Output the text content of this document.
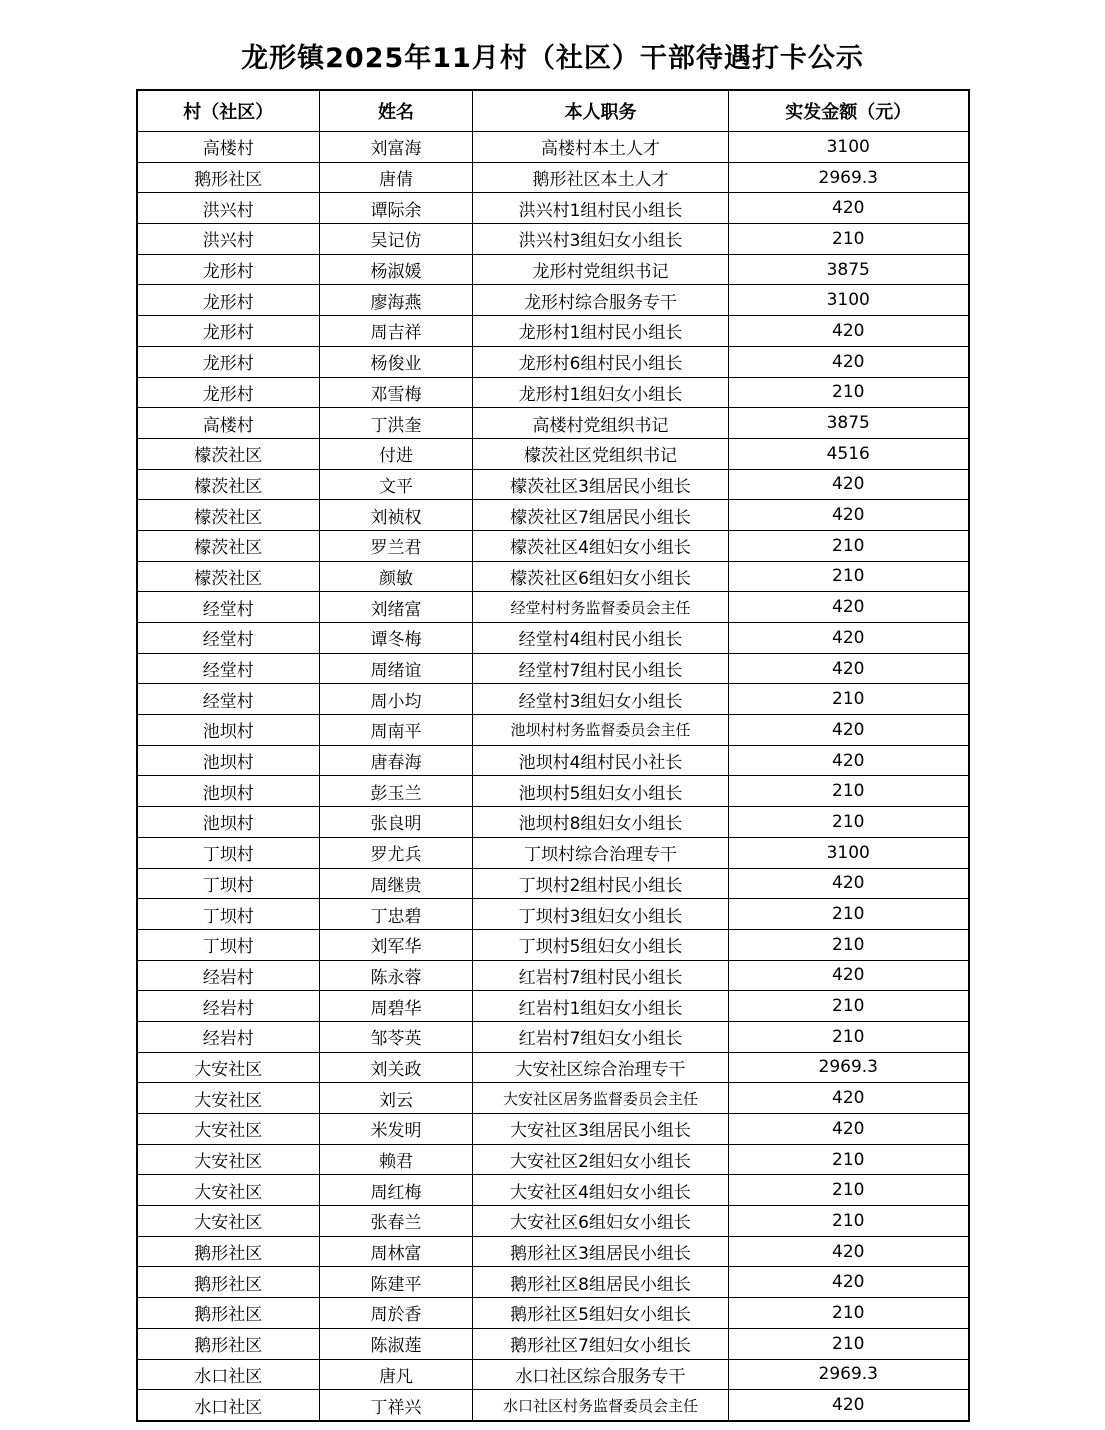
龙形镇2025年11月村（社区）干部待遇打卡公示
村（社区）	姓名	本人职务	实发金额（元）
高楼村	刘富海	高楼村本土人才	3100
鹅形社区	唐倩	鹅形社区本土人才	2969.3
洪兴村	谭际余	洪兴村1组村民小组长	420
洪兴村	吴记仿	洪兴村3组妇女小组长	210
龙形村	杨淑媛	龙形村党组织书记	3875
龙形村	廖海燕	龙形村综合服务专干	3100
龙形村	周吉祥	龙形村1组村民小组长	420
龙形村	杨俊业	龙形村6组村民小组长	420
龙形村	邓雪梅	龙形村1组妇女小组长	210
高楼村	丁洪奎	高楼村党组织书记	3875
檬茨社区	付进	檬茨社区党组织书记	4516
檬茨社区	文平	檬茨社区3组居民小组长	420
檬茨社区	刘祯权	檬茨社区7组居民小组长	420
檬茨社区	罗兰君	檬茨社区4组妇女小组长	210
檬茨社区	颜敏	檬茨社区6组妇女小组长	210
经堂村	刘绪富	经堂村村务监督委员会主任	420
经堂村	谭冬梅	经堂村4组村民小组长	420
经堂村	周绪谊	经堂村7组村民小组长	420
经堂村	周小均	经堂村3组妇女小组长	210
池坝村	周南平	池坝村村务监督委员会主任	420
池坝村	唐春海	池坝村4组村民小社长	420
池坝村	彭玉兰	池坝村5组妇女小组长	210
池坝村	张良明	池坝村8组妇女小组长	210
丁坝村	罗尤兵	丁坝村综合治理专干	3100
丁坝村	周继贵	丁坝村2组村民小组长	420
丁坝村	丁忠碧	丁坝村3组妇女小组长	210
丁坝村	刘军华	丁坝村5组妇女小组长	210
经岩村	陈永蓉	红岩村7组村民小组长	420
经岩村	周碧华	红岩村1组妇女小组长	210
经岩村	邹苓英	红岩村7组妇女小组长	210
大安社区	刘关政	大安社区综合治理专干	2969.3
大安社区	刘云	大安社区居务监督委员会主任	420
大安社区	米发明	大安社区3组居民小组长	420
大安社区	赖君	大安社区2组妇女小组长	210
大安社区	周红梅	大安社区4组妇女小组长	210
大安社区	张春兰	大安社区6组妇女小组长	210
鹅形社区	周林富	鹅形社区3组居民小组长	420
鹅形社区	陈建平	鹅形社区8组居民小组长	420
鹅形社区	周於香	鹅形社区5组妇女小组长	210
鹅形社区	陈淑莲	鹅形社区7组妇女小组长	210
水口社区	唐凡	水口社区综合服务专干	2969.3
水口社区	丁祥兴	水口社区村务监督委员会主任	420
